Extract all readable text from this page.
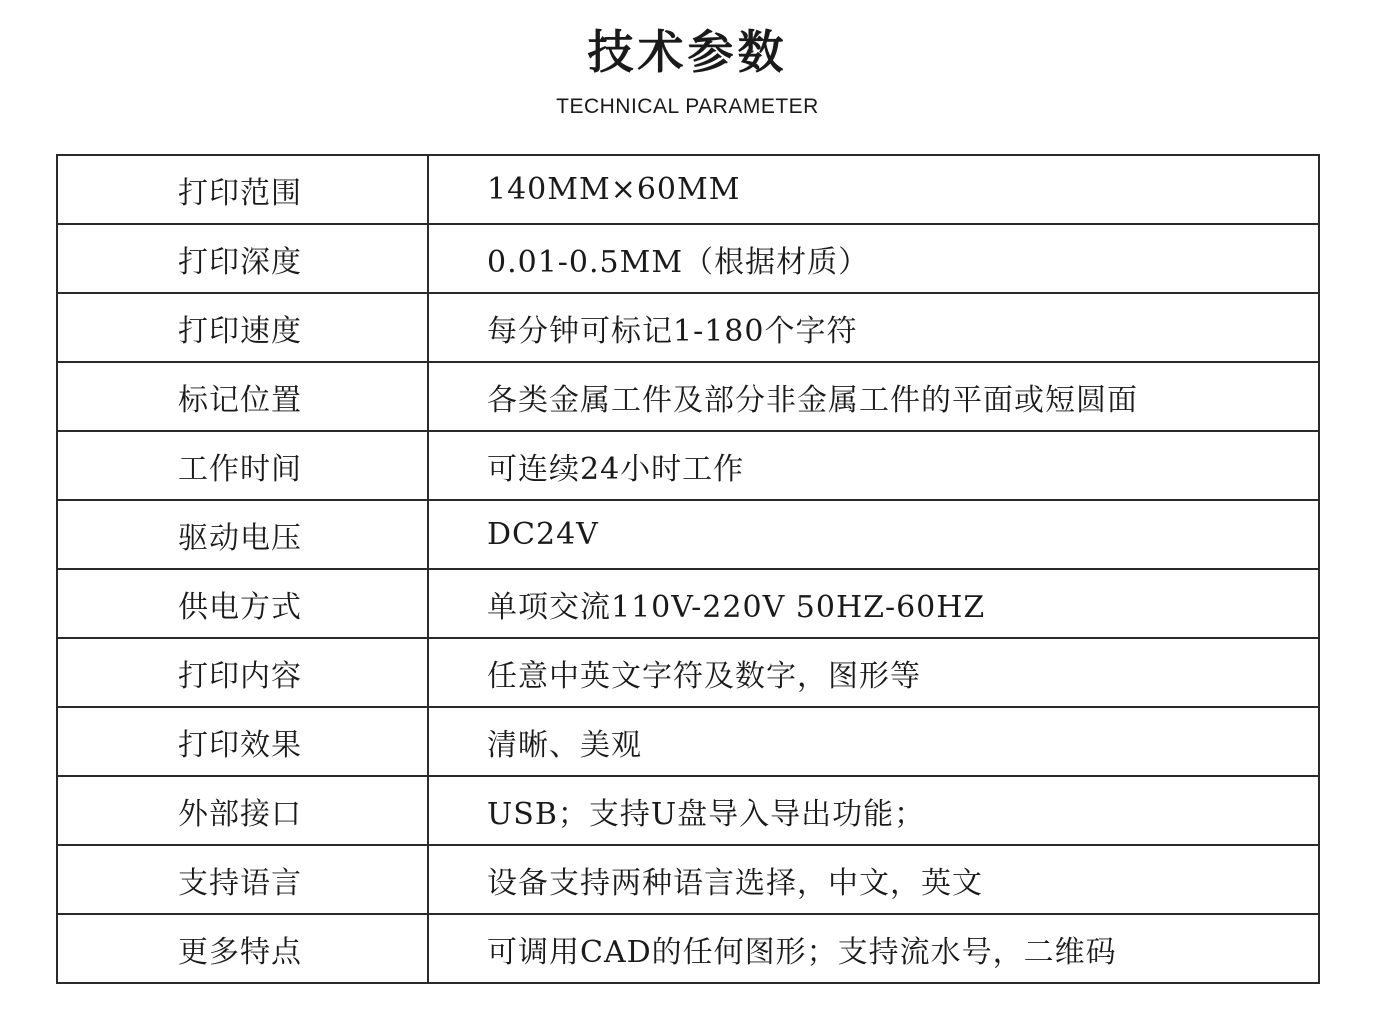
技术参数
TECHNICAL PARAMETER
打印范围	140MM×60MM
打印深度	0.01-0.5MM（根据材质）
打印速度	每分钟可标记1-180个字符
标记位置	各类金属工件及部分非金属工件的平面或短圆面
工作时间	可连续24小时工作
驱动电压	DC24V
供电方式	单项交流110V-220V 50HZ-60HZ
打印内容	任意中英文字符及数字，图形等
打印效果	清晰、美观
外部接口	USB；支持U盘导入导出功能；
支持语言	设备支持两种语言选择，中文，英文
更多特点	可调用CAD的任何图形；支持流水号，二维码
